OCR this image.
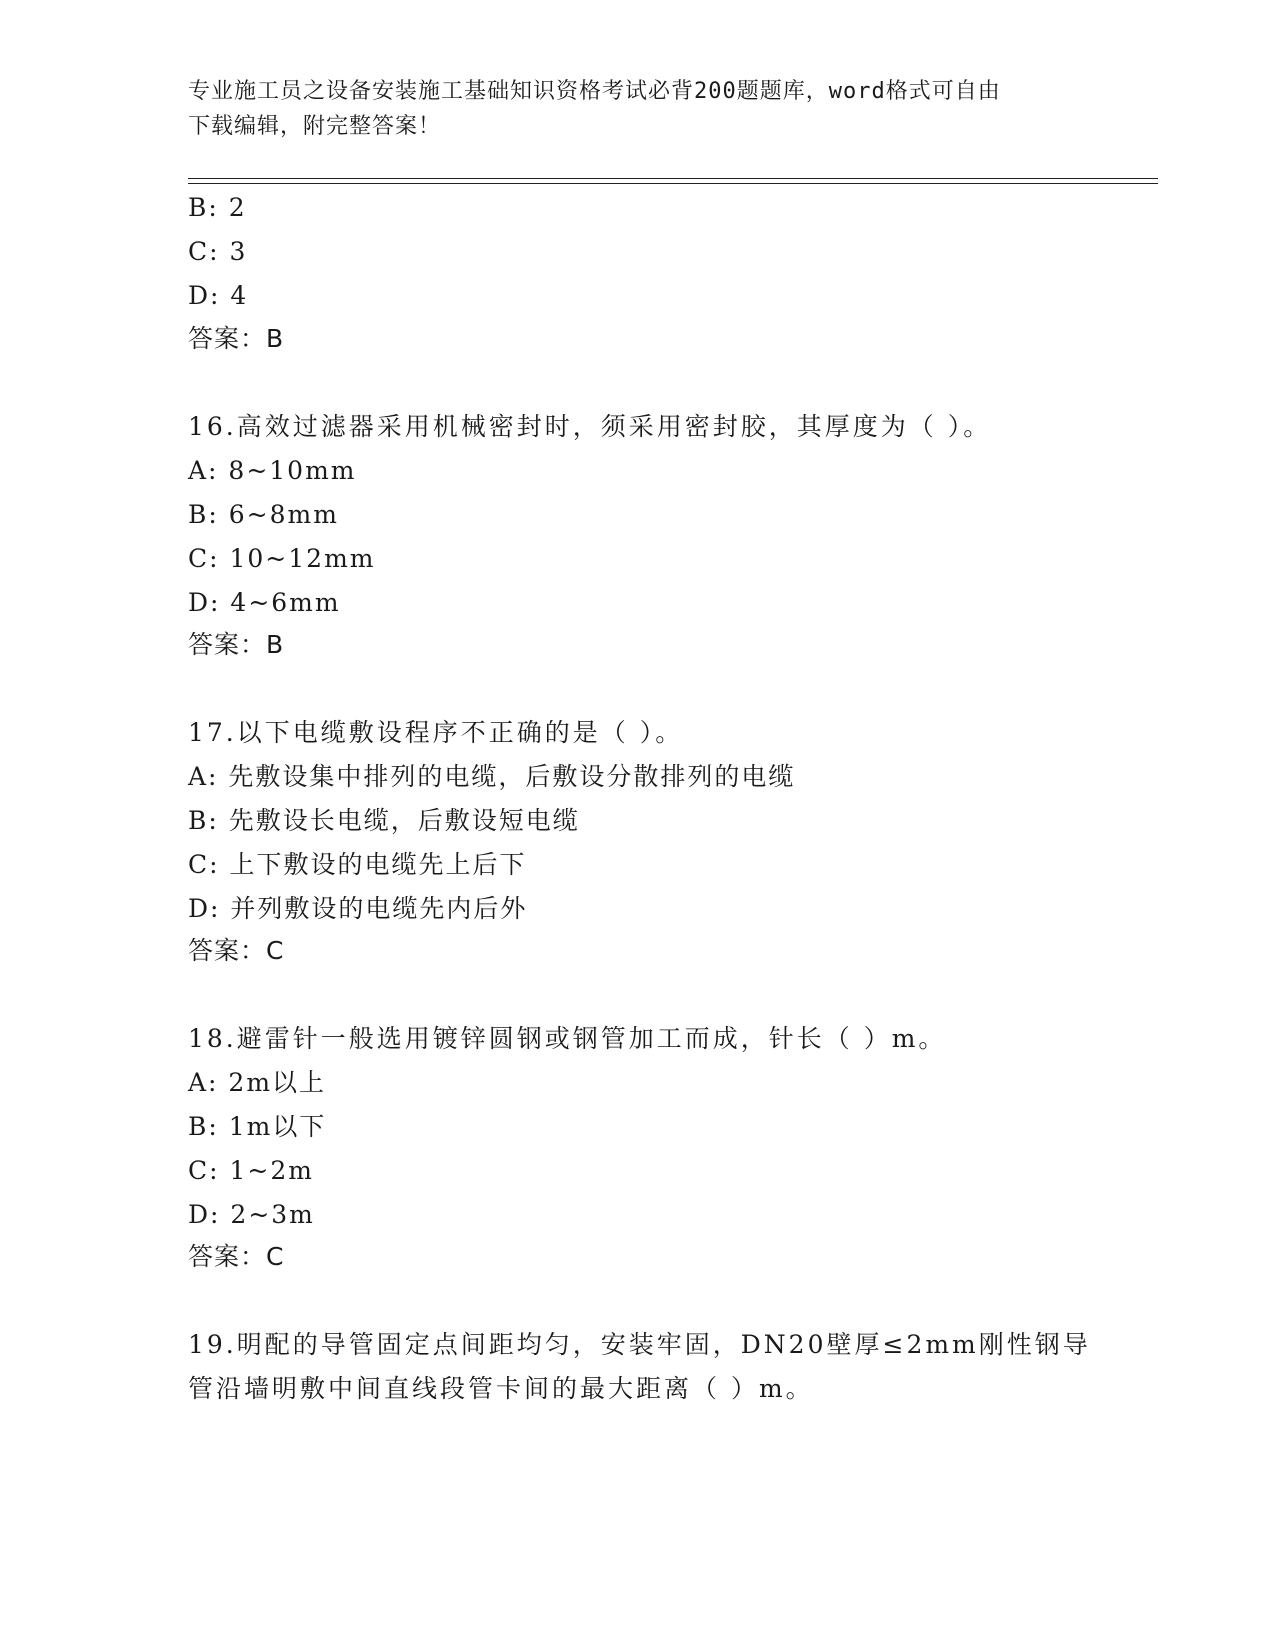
专业施工员之设备安装施工基础知识资格考试必背200题题库，word格式可自由
下载编辑，附完整答案！
B: 2
C: 3
D: 4
答案：B
16.高效过滤器采用机械密封时，须采用密封胶，其厚度为（ ）。
A: 8~10mm
B: 6~8mm
C: 10~12mm
D: 4~6mm
答案：B
17.以下电缆敷设程序不正确的是（ ）。
A: 先敷设集中排列的电缆，后敷设分散排列的电缆
B: 先敷设长电缆，后敷设短电缆
C: 上下敷设的电缆先上后下
D: 并列敷设的电缆先内后外
答案：C
18.避雷针一般选用镀锌圆钢或钢管加工而成，针长（ ）m。
A: 2m以上
B: 1m以下
C: 1~2m
D: 2~3m
答案：C
19.明配的导管固定点间距均匀，安装牢固，DN20壁厚≤2mm刚性钢导
管沿墙明敷中间直线段管卡间的最大距离（ ）m。
